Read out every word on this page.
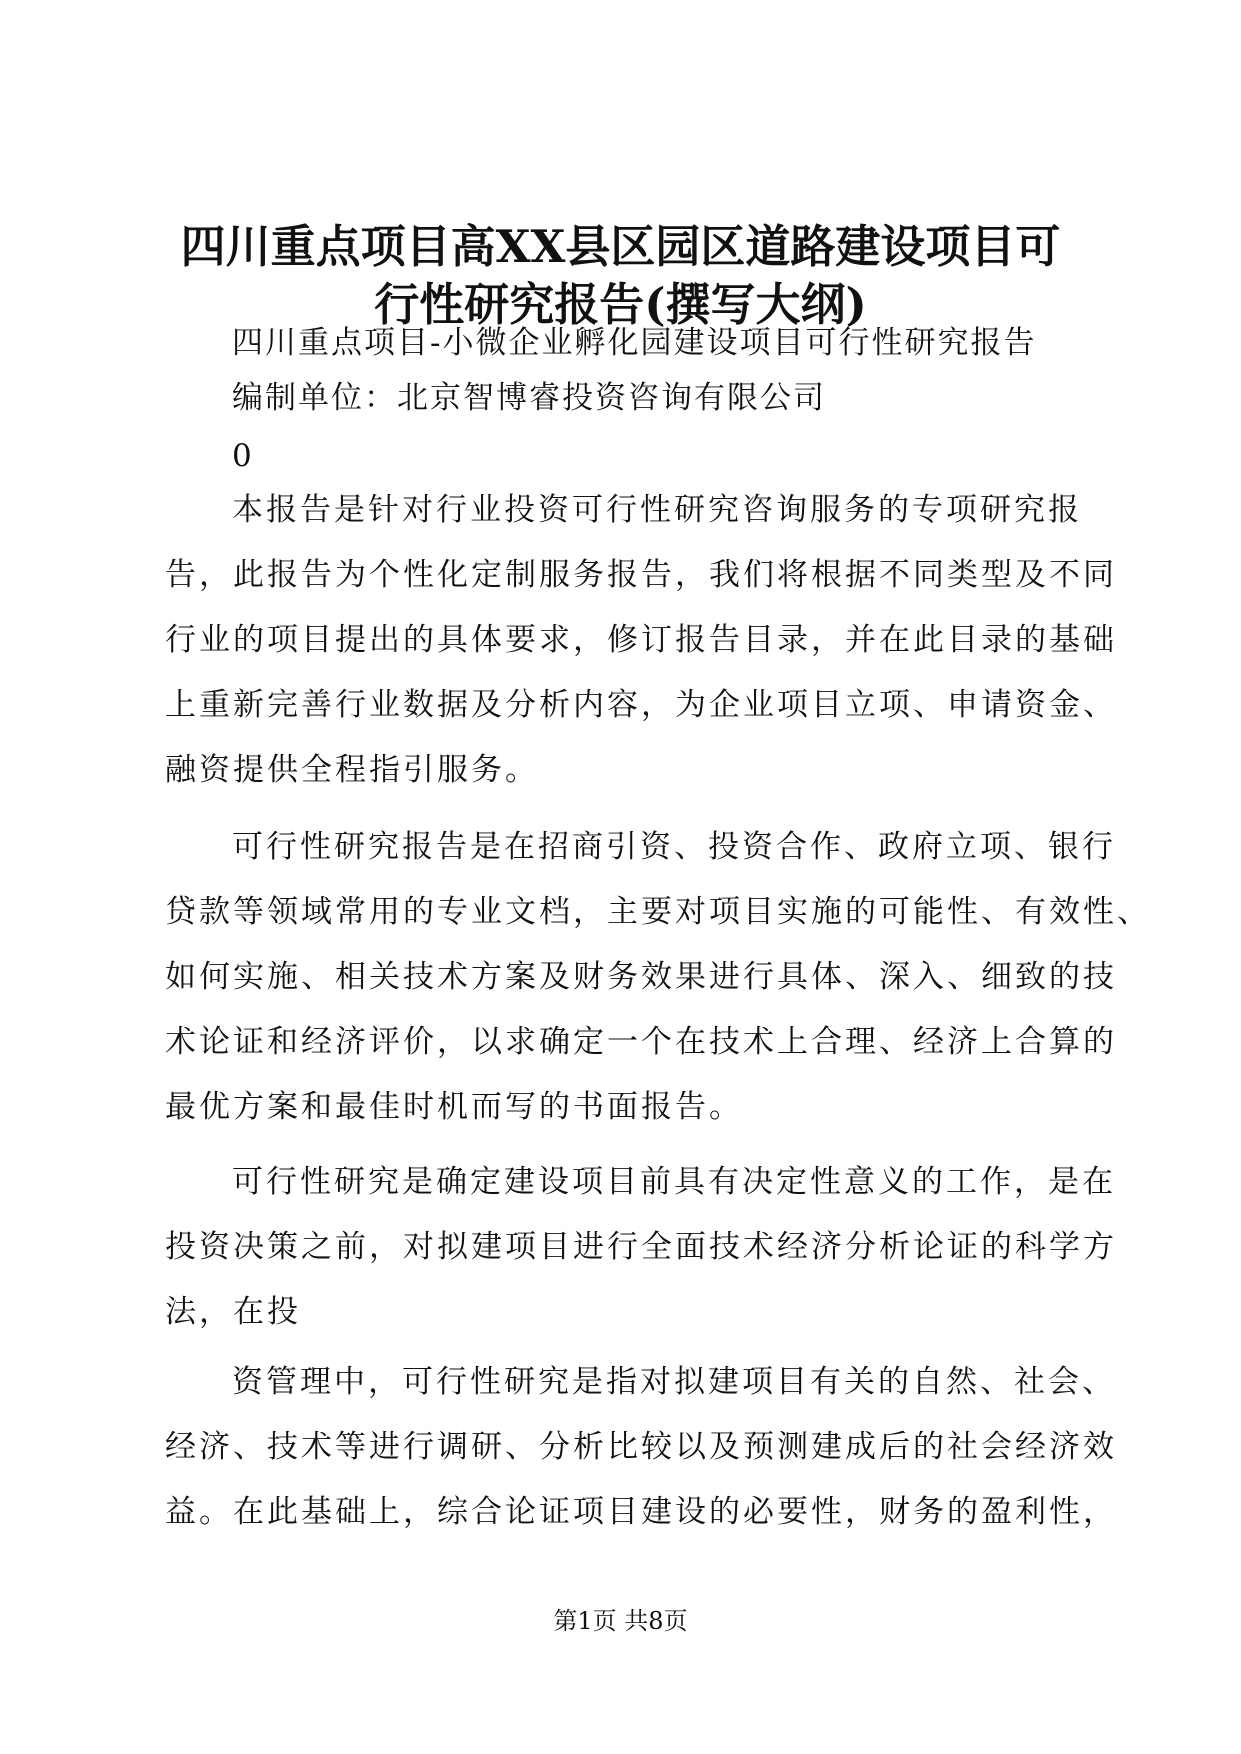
四川重点项目高XX县区园区道路建设项目可
行性研究报告(撰写大纲)
四川重点项目-小微企业孵化园建设项目可行性研究报告
编制单位：北京智博睿投资咨询有限公司
0
本报告是针对行业投资可行性研究咨询服务的专项研究报
告，此报告为个性化定制服务报告，我们将根据不同类型及不同
行业的项目提出的具体要求，修订报告目录，并在此目录的基础
上重新完善行业数据及分析内容，为企业项目立项、申请资金、
融资提供全程指引服务。
可行性研究报告是在招商引资、投资合作、政府立项、银行
贷款等领域常用的专业文档，主要对项目实施的可能性、有效性、
如何实施、相关技术方案及财务效果进行具体、深入、细致的技
术论证和经济评价，以求确定一个在技术上合理、经济上合算的
最优方案和最佳时机而写的书面报告。
可行性研究是确定建设项目前具有决定性意义的工作，是在
投资决策之前，对拟建项目进行全面技术经济分析论证的科学方
法，在投
资管理中，可行性研究是指对拟建项目有关的自然、社会、
经济、技术等进行调研、分析比较以及预测建成后的社会经济效
益。在此基础上，综合论证项目建设的必要性，财务的盈利性，
第1页 共8页
